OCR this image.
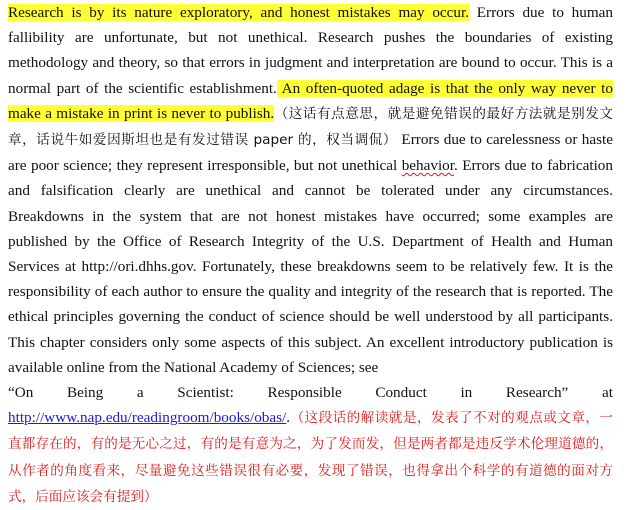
Research is by its nature exploratory, and honest mistakes may occur. Errors due to human fallibility are unfortunate, but not unethical. Research pushes the boundaries of existing methodology and theory, so that errors in judgment and interpretation are bound to occur. This is a normal part of the scientific establishment. An often-quoted adage is that the only way never to make a mistake in print is never to publish.（这话有点意思，就是避免错误的最好方法就是别发文章，话说牛如爱因斯坦也是有发过错误 paper 的，权当调侃） Errors due to carelessness or haste are poor science; they represent irresponsible, but not unethical behavior. Errors due to fabrication and falsification clearly are unethical and cannot be tolerated under any circumstances. Breakdowns in the system that are not honest mistakes have occurred; some examples are published by the Office of Research Integrity of the U.S. Department of Health and Human Services at http://ori.dhhs.gov. Fortunately, these breakdowns seem to be relatively few. It is the responsibility of each author to ensure the quality and integrity of the research that is reported. The ethical principles governing the conduct of science should be well understood by all participants. This chapter considers only some aspects of this subject. An excellent introductory publication is available online from the National Academy of Sciences; see

“On Being a Scientist: Responsible Conduct in Research” at

http://www.nap.edu/readingroom/books/obas/.（这段话的解读就是，发表了不对的观点或文章，一直都存在的，有的是无心之过，有的是有意为之，为了发而发，但是两者都是违反学术伦理道德的，从作者的角度看来，尽量避免这些错误很有必要，发现了错误，也得拿出个科学的有道德的面对方式，后面应该会有提到）
